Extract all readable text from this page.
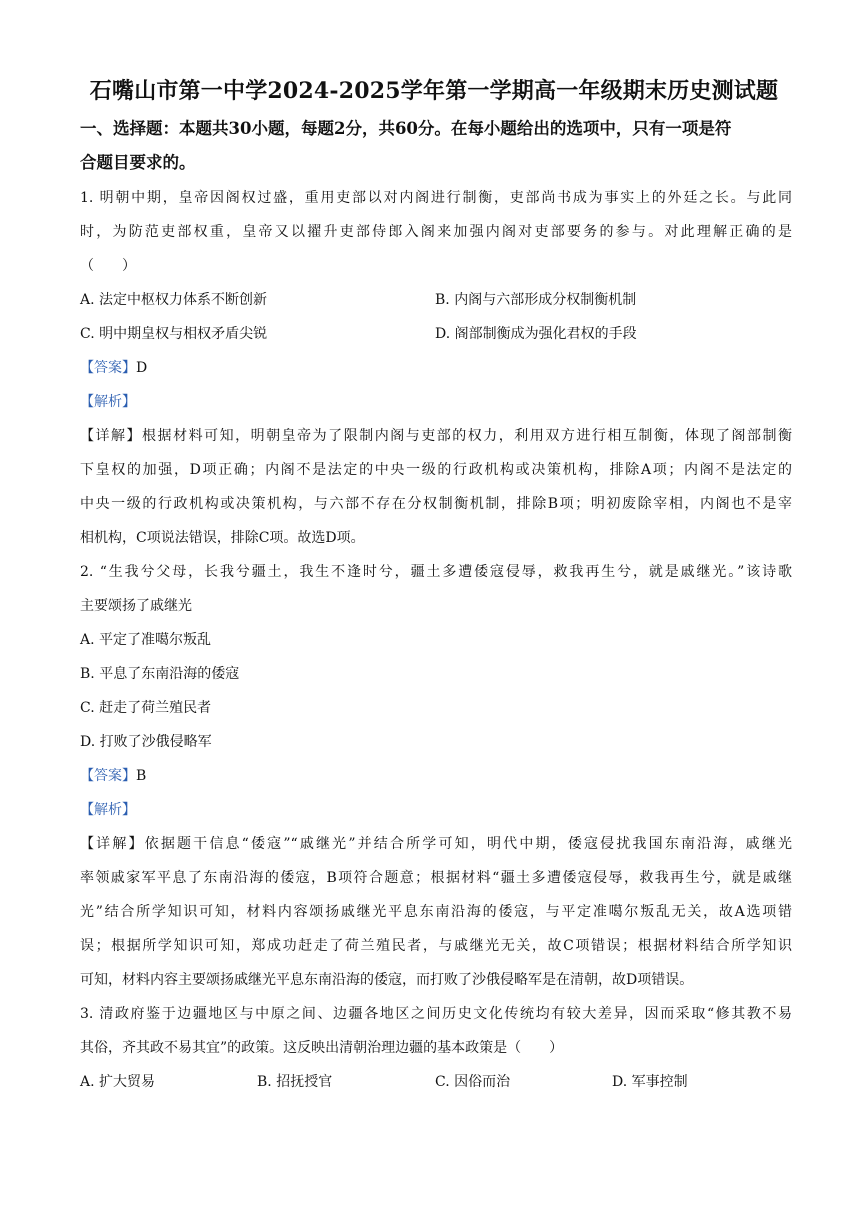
石嘴山市第一中学2024-2025学年第一学期高一年级期末历史测试题
一、选择题：本题共30小题，每题2分，共60分。在每小题给出的选项中，只有一项是符
合题目要求的。
1. 明朝中期，皇帝因阁权过盛，重用吏部以对内阁进行制衡，吏部尚书成为事实上的外廷之长。与此同
时，为防范吏部权重，皇帝又以擢升吏部侍郎入阁来加强内阁对吏部要务的参与。对此理解正确的是
（　　）
A. 法定中枢权力体系不断创新	B. 内阁与六部形成分权制衡机制
C. 明中期皇权与相权矛盾尖锐	D. 阁部制衡成为强化君权的手段
【答案】D
【解析】
【详解】根据材料可知，明朝皇帝为了限制内阁与吏部的权力，利用双方进行相互制衡，体现了阁部制衡
下皇权的加强，D项正确；内阁不是法定的中央一级的行政机构或决策机构，排除A项；内阁不是法定的
中央一级的行政机构或决策机构，与六部不存在分权制衡机制，排除B项；明初废除宰相，内阁也不是宰
相机构，C项说法错误，排除C项。故选D项。
2. “生我兮父母，长我兮疆土，我生不逢时兮，疆土多遭倭寇侵辱，救我再生兮，就是戚继光。”该诗歌
主要颂扬了戚继光
A. 平定了准噶尔叛乱
B. 平息了东南沿海的倭寇
C. 赶走了荷兰殖民者
D. 打败了沙俄侵略军
【答案】B
【解析】
【详解】依据题干信息“倭寇”“戚继光”并结合所学可知，明代中期，倭寇侵扰我国东南沿海，戚继光
率领戚家军平息了东南沿海的倭寇，B项符合题意；根据材料“疆土多遭倭寇侵辱，救我再生兮，就是戚继
光”结合所学知识可知，材料内容颂扬戚继光平息东南沿海的倭寇，与平定准噶尔叛乱无关，故A选项错
误；根据所学知识可知，郑成功赶走了荷兰殖民者，与戚继光无关，故C项错误；根据材料结合所学知识
可知，材料内容主要颂扬戚继光平息东南沿海的倭寇，而打败了沙俄侵略军是在清朝，故D项错误。
3. 清政府鉴于边疆地区与中原之间、边疆各地区之间历史文化传统均有较大差异，因而采取“修其教不易
其俗，齐其政不易其宜”的政策。这反映出清朝治理边疆的基本政策是（　　）
A. 扩大贸易	B. 招抚授官	C. 因俗而治	D. 军事控制
